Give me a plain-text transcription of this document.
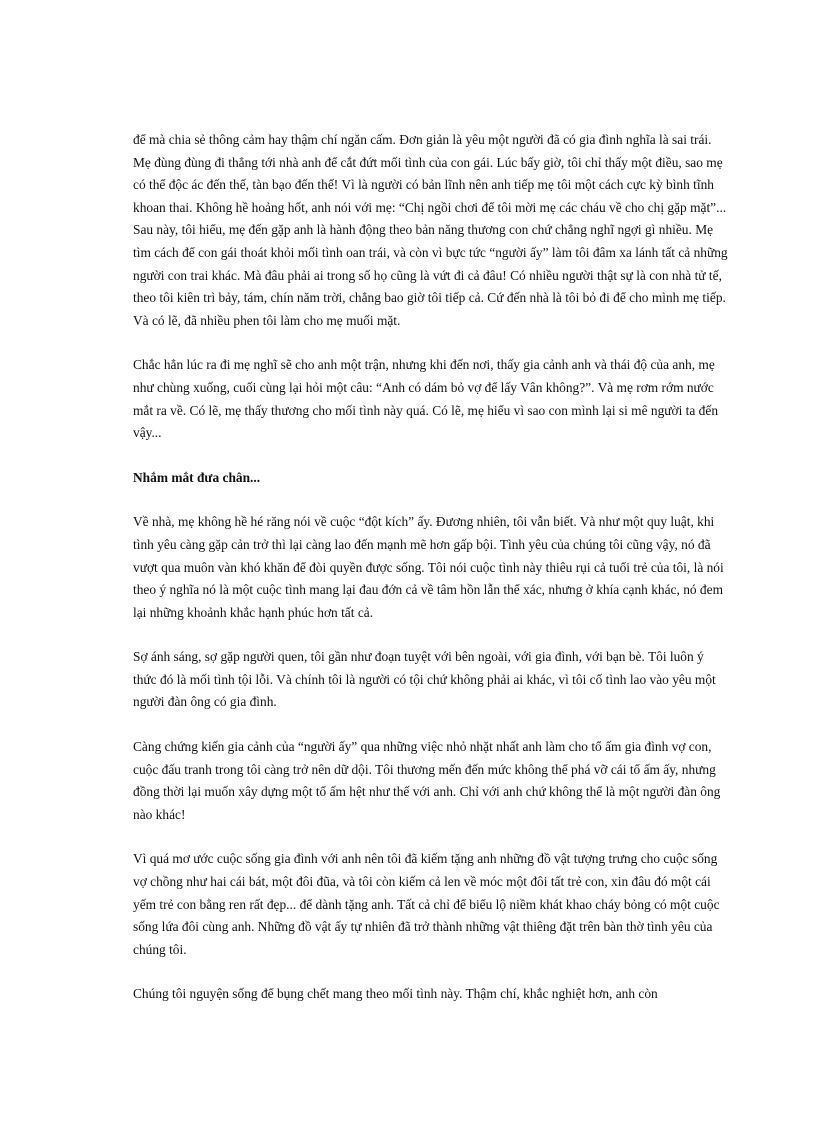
để mà chia sẻ thông cảm hay thậm chí ngăn cấm. Đơn giản là yêu một người đã có gia đình nghĩa là sai trái. Mẹ đùng đùng đi thẳng tới nhà anh để cắt đứt mối tình của con gái. Lúc bấy giờ, tôi chỉ thấy một điều, sao mẹ có thể độc ác đến thế, tàn bạo đến thế! Vì là người có bản lĩnh nên anh tiếp mẹ tôi một cách cực kỳ bình tĩnh khoan thai. Không hề hoảng hốt, anh nói với mẹ: “Chị ngồi chơi để tôi mời mẹ các cháu về cho chị gặp mặt”... Sau này, tôi hiểu, mẹ đến gặp anh là hành động theo bản năng thương con chứ chẳng nghĩ ngợi gì nhiều. Mẹ tìm cách để con gái thoát khỏi mối tình oan trái, và còn vì bực tức “người ấy” làm tôi đâm xa lánh tất cả những người con trai khác. Mà đâu phải ai trong số họ cũng là vứt đi cả đâu! Có nhiều người thật sự là con nhà tử tế, theo tôi kiên trì bảy, tám, chín năm trời, chẳng bao giờ tôi tiếp cả. Cứ đến nhà là tôi bỏ đi để cho mình mẹ tiếp. Và có lẽ, đã nhiều phen tôi làm cho mẹ muối mặt.

Chắc hẳn lúc ra đi mẹ nghĩ sẽ cho anh một trận, nhưng khi đến nơi, thấy gia cảnh anh và thái độ của anh, mẹ như chùng xuống, cuối cùng lại hỏi một câu: “Anh có dám bỏ vợ để lấy Vân không?”. Và mẹ rơm rớm nước mắt ra về. Có lẽ, mẹ thấy thương cho mối tình này quá. Có lẽ, mẹ hiểu vì sao con mình lại si mê người ta đến vậy...

Nhắm mắt đưa chân...

Về nhà, mẹ không hề hé răng nói về cuộc “đột kích” ấy. Đương nhiên, tôi vẫn biết. Và như một quy luật, khi tình yêu càng gặp cản trở thì lại càng lao đến mạnh mẽ hơn gấp bội. Tình yêu của chúng tôi cũng vậy, nó đã vượt qua muôn vàn khó khăn để đòi quyền được sống. Tôi nói cuộc tình này thiêu rụi cả tuổi trẻ của tôi, là nói theo ý nghĩa nó là một cuộc tình mang lại đau đớn cả về tâm hồn lẫn thể xác, nhưng ở khía cạnh khác, nó đem lại những khoảnh khắc hạnh phúc hơn tất cả.

Sợ ánh sáng, sợ gặp người quen, tôi gần như đoạn tuyệt với bên ngoài, với gia đình, với bạn bè. Tôi luôn ý thức đó là mối tình tội lỗi. Và chính tôi là người có tội chứ không phải ai khác, vì tôi cố tình lao vào yêu một người đàn ông có gia đình.

Càng chứng kiến gia cảnh của “người ấy” qua những việc nhỏ nhặt nhất anh làm cho tổ ấm gia đình vợ con, cuộc đấu tranh trong tôi càng trở nên dữ dội. Tôi thương mến đến mức không thể phá vỡ cái tổ ấm ấy, nhưng đồng thời lại muốn xây dựng một tổ ấm hệt như thế với anh. Chỉ với anh chứ không thể là một người đàn ông nào khác!

Vì quá mơ ước cuộc sống gia đình với anh nên tôi đã kiếm tặng anh những đồ vật tượng trưng cho cuộc sống vợ chồng như hai cái bát, một đôi đũa, và tôi còn kiếm cả len về móc một đôi tất trẻ con, xin đâu đó một cái yếm trẻ con bằng ren rất đẹp... để dành tặng anh. Tất cả chỉ để biểu lộ niềm khát khao cháy bỏng có một cuộc sống lứa đôi cùng anh. Những đồ vật ấy tự nhiên đã trở thành những vật thiêng đặt trên bàn thờ tình yêu của chúng tôi.

Chúng tôi nguyện sống để bụng chết mang theo mối tình này. Thậm chí, khắc nghiệt hơn, anh còn
